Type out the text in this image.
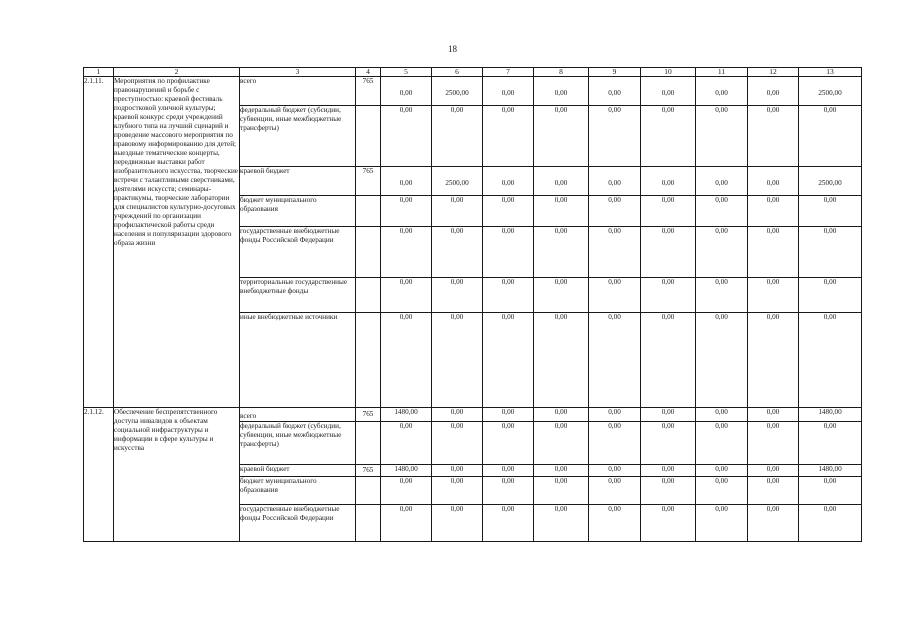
18
1	2	3	4	5	6	7	8	9	10	11	12	13
2.1.11.	Мероприятия по профилактике правонарушений и борьбе с преступностью: краевой фестиваль подростковой уличной культуры; краевой конкурс среди учреждений клубного типа на лучший сценарий и проведение массового мероприятия по правовому информированию для детей; выездные тематические концерты, передвижные выставки работ изобразительного искусства, творческие встречи с талантливыми сверстниками, деятелями искусств; семинары-практикумы, творческие лаборатории для специалистов культурно-досуговых учреждений по организации профилактической работы среди населения и популяризации здорового образа жизни	всего	765	0,00	2500,00	0,00	0,00	0,00	0,00	0,00	0,00	2500,00
		федеральный бюджет (субсидии, субвенции, иные межбюджетные трансферты)		0,00	0,00	0,00	0,00	0,00	0,00	0,00	0,00	0,00
		краевой бюджет	765	0,00	2500,00	0,00	0,00	0,00	0,00	0,00	0,00	2500,00
		бюджет муниципального образования		0,00	0,00	0,00	0,00	0,00	0,00	0,00	0,00	0,00
		государственные внебюджетные фонды Российской Федерации		0,00	0,00	0,00	0,00	0,00	0,00	0,00	0,00	0,00
		территориальные государственные внебюджетные фонды		0,00	0,00	0,00	0,00	0,00	0,00	0,00	0,00	0,00
		иные внебюджетные источники		0,00	0,00	0,00	0,00	0,00	0,00	0,00	0,00	0,00
2.1.12.	Обеспечение беспрепятственного доступа инвалидов к объектам социальной инфраструктуры и информации в сфере культуры и искусства	всего	765	1480,00	0,00	0,00	0,00	0,00	0,00	0,00	0,00	1480,00
		федеральный бюджет (субсидии, субвенции, иные межбюджетные трансферты)		0,00	0,00	0,00	0,00	0,00	0,00	0,00	0,00	0,00
		краевой бюджет	765	1480,00	0,00	0,00	0,00	0,00	0,00	0,00	0,00	1480,00
		бюджет муниципального образования		0,00	0,00	0,00	0,00	0,00	0,00	0,00	0,00	0,00
		государственные внебюджетные фонды Российской Федерации		0,00	0,00	0,00	0,00	0,00	0,00	0,00	0,00	0,00
